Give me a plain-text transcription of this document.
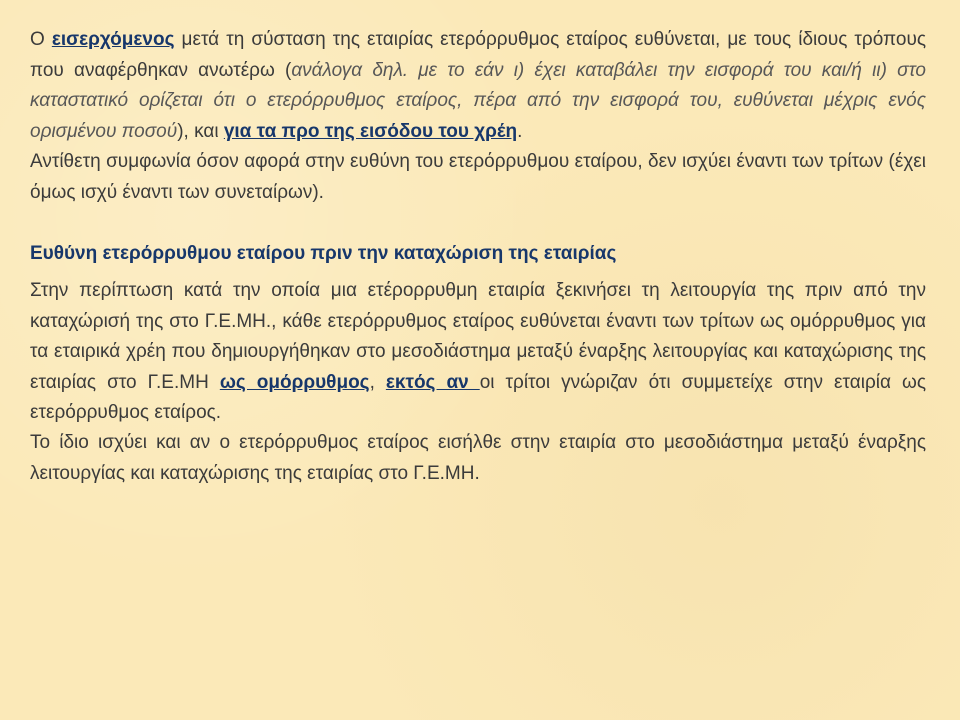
Ο εισερχόμενος μετά τη σύσταση της εταιρίας ετερόρρυθμος εταίρος ευθύνεται, με τους ίδιους τρόπους που αναφέρθηκαν ανωτέρω (ανάλογα δηλ. με το εάν ι) έχει καταβάλει την εισφορά του και/ή ιι) στο καταστατικό ορίζεται ότι ο ετερόρρυθμος εταίρος, πέρα από την εισφορά του, ευθύνεται μέχρις ενός ορισμένου ποσού), και για τα προ της εισόδου του χρέη.
Αντίθετη συμφωνία όσον αφορά στην ευθύνη του ετερόρρυθμου εταίρου, δεν ισχύει έναντι των τρίτων (έχει όμως ισχύ έναντι των συνεταίρων).
Ευθύνη ετερόρρυθμου εταίρου πριν την καταχώριση της εταιρίας
Στην περίπτωση κατά την οποία μια ετέρορρυθμη εταιρία ξεκινήσει τη λειτουργία της πριν από την καταχώρισή της στο Γ.Ε.ΜΗ., κάθε ετερόρρυθμος εταίρος ευθύνεται έναντι των τρίτων ως ομόρρυθμος για τα εταιρικά χρέη που δημιουργήθηκαν στο μεσοδιάστημα μεταξύ έναρξης λειτουργίας και καταχώρισης της εταιρίας στο Γ.Ε.ΜΗ ως ομόρρυθμος, εκτός αν οι τρίτοι γνώριζαν ότι συμμετείχε στην εταιρία ως ετερόρρυθμος εταίρος.
Το ίδιο ισχύει και αν ο ετερόρρυθμος εταίρος εισήλθε στην εταιρία στο μεσοδιάστημα μεταξύ έναρξης λειτουργίας και καταχώρισης της εταιρίας στο Γ.Ε.ΜΗ.
